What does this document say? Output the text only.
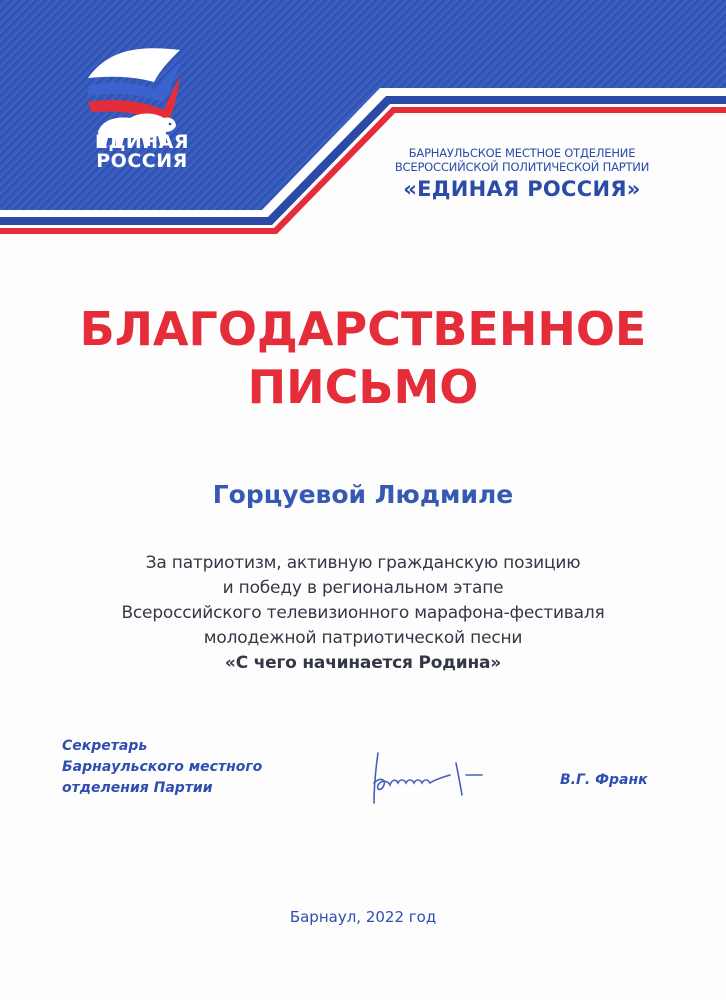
ЕДИНАЯ
РОССИЯ	БАРНАУЛЬСКОЕ МЕСТНОЕ ОТДЕЛЕНИЕ
ВСЕРОССИЙСКОЙ ПОЛИТИЧЕСКОЙ ПАРТИИ
«ЕДИНАЯ РОССИЯ»
БЛАГОДАРСТВЕННОЕ
ПИСЬМО
Горцуевой Людмиле
За патриотизм, активную гражданскую позицию
и победу в региональном этапе
Всероссийского телевизионного марафона-фестиваля
молодежной патриотической песни
«С чего начинается Родина»
Секретарь
Барнаульского местного
отделения Партии	В.Г. Франк
Барнаул, 2022 год
